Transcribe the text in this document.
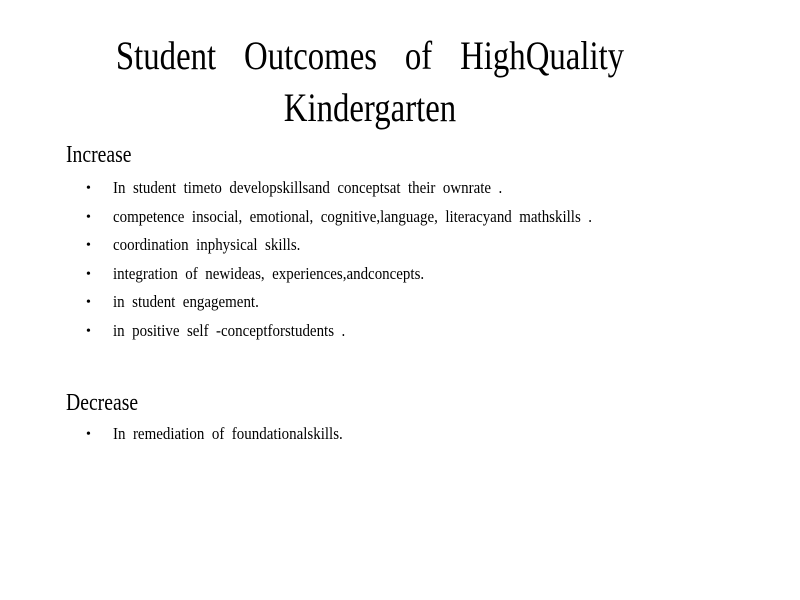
Student Outcomes of HighQuality Kindergarten
Increase
• In student timeto developskillsand conceptsat their ownrate .
• competence insocial, emotional, cognitive,language, literacyand mathskills .
• coordination inphysical skills.
• integration of newideas, experiences,andconcepts.
• in student engagement.
• in positive self -conceptforstudents .
Decrease
• In remediation of foundationalskills.
